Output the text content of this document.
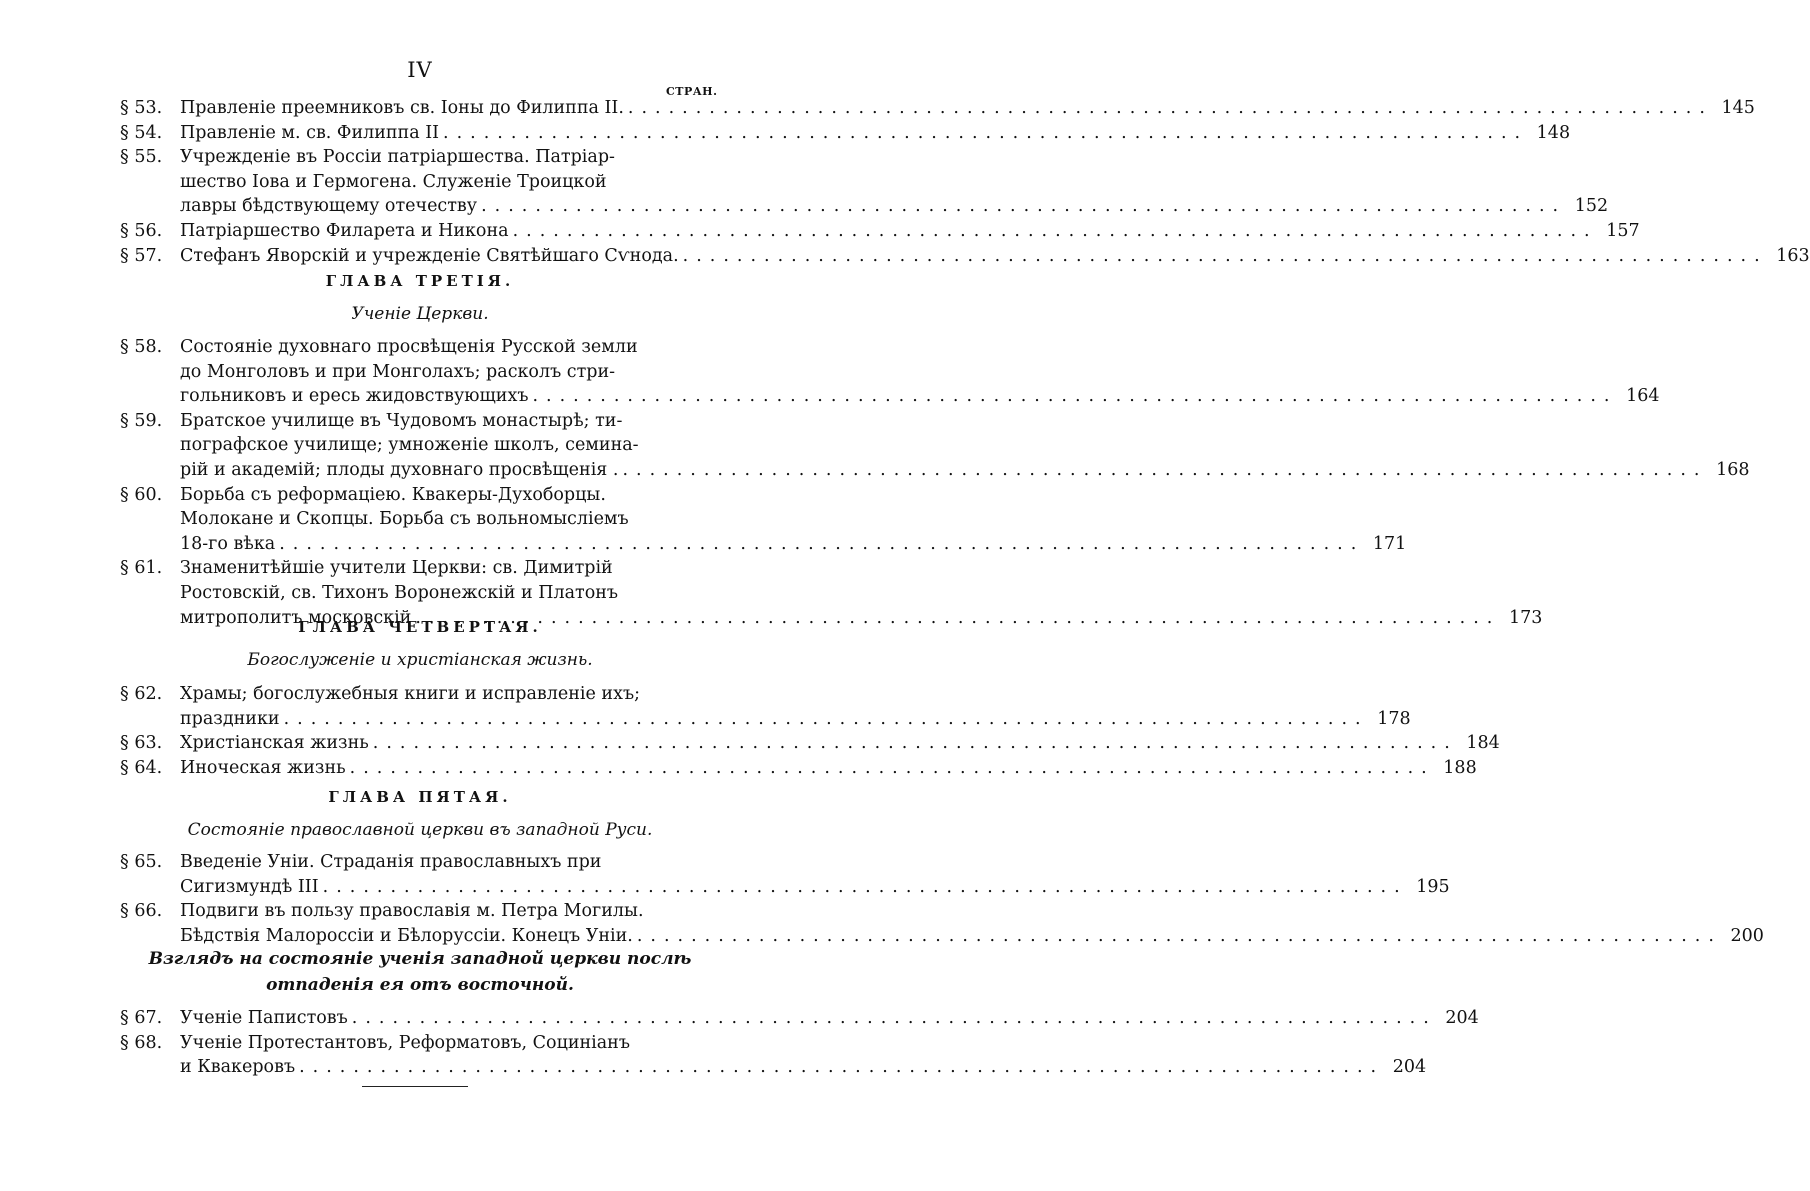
IV
СТРАН.
§ 53.	Правленіе преемниковъ св. Іоны до Филиппа II. ................................................................................ 145
§ 54.	Правленіе м. св. Филиппа II ................................................................................ 148
§ 55.	Учрежденіе въ Россіи патріаршества. Патріар-
шество Іова и Гермогена. Служеніе Троицкой
лавры бѣдствующему отечеству ................................................................................ 152
§ 56.	Патріаршество Филарета и Никона ................................................................................ 157
§ 57.	Стефанъ Яворскій и учрежденіе Святѣйшаго Сѵнода. ................................................................................ 163
ГЛАВА ТРЕТІЯ.
Ученіе Церкви.
§ 58.	Состояніе духовнаго просвѣщенія Русской земли
до Монголовъ и при Монголахъ; расколъ стри-
гольниковъ и ересь жидовствующихъ ................................................................................ 164
§ 59.	Братское училище въ Чудовомъ монастырѣ; ти-
пографское училище; умноженіе школъ, семина-
рій и академій; плоды духовнаго просвѣщенія . ................................................................................ 168
§ 60.	Борьба съ реформаціею. Квакеры-Духоборцы.
Молокане и Скопцы. Борьба съ вольномысліемъ
18-го вѣка ................................................................................ 171
§ 61.	Знаменитѣйшіе учители Церкви: св. Димитрій
Ростовскій, св. Тихонъ Воронежскій и Платонъ
митрополитъ московскій ................................................................................ 173
ГЛАВА ЧЕТВЕРТАЯ.
Богослуженіе и христіанская жизнь.
§ 62.	Храмы; богослужебныя книги и исправленіе ихъ;
праздники ................................................................................ 178
§ 63.	Христіанская жизнь ................................................................................ 184
§ 64.	Иноческая жизнь ................................................................................ 188
ГЛАВА ПЯТАЯ.
Состояніе православной церкви въ западной Руси.
§ 65.	Введеніе Уніи. Страданія православныхъ при
Сигизмундѣ III ................................................................................ 195
§ 66.	Подвиги въ пользу православія м. Петра Могилы.
Бѣдствія Малороссіи и Бѣлоруссіи. Конецъ Уніи. ................................................................................ 200
Взглядъ на состояніе ученія западной церкви послѣ
отпаденія ея отъ восточной.
§ 67.	Ученіе Папистовъ ................................................................................ 204
§ 68.	Ученіе Протестантовъ, Реформатовъ, Социніанъ
и Квакеровъ ................................................................................ 204
